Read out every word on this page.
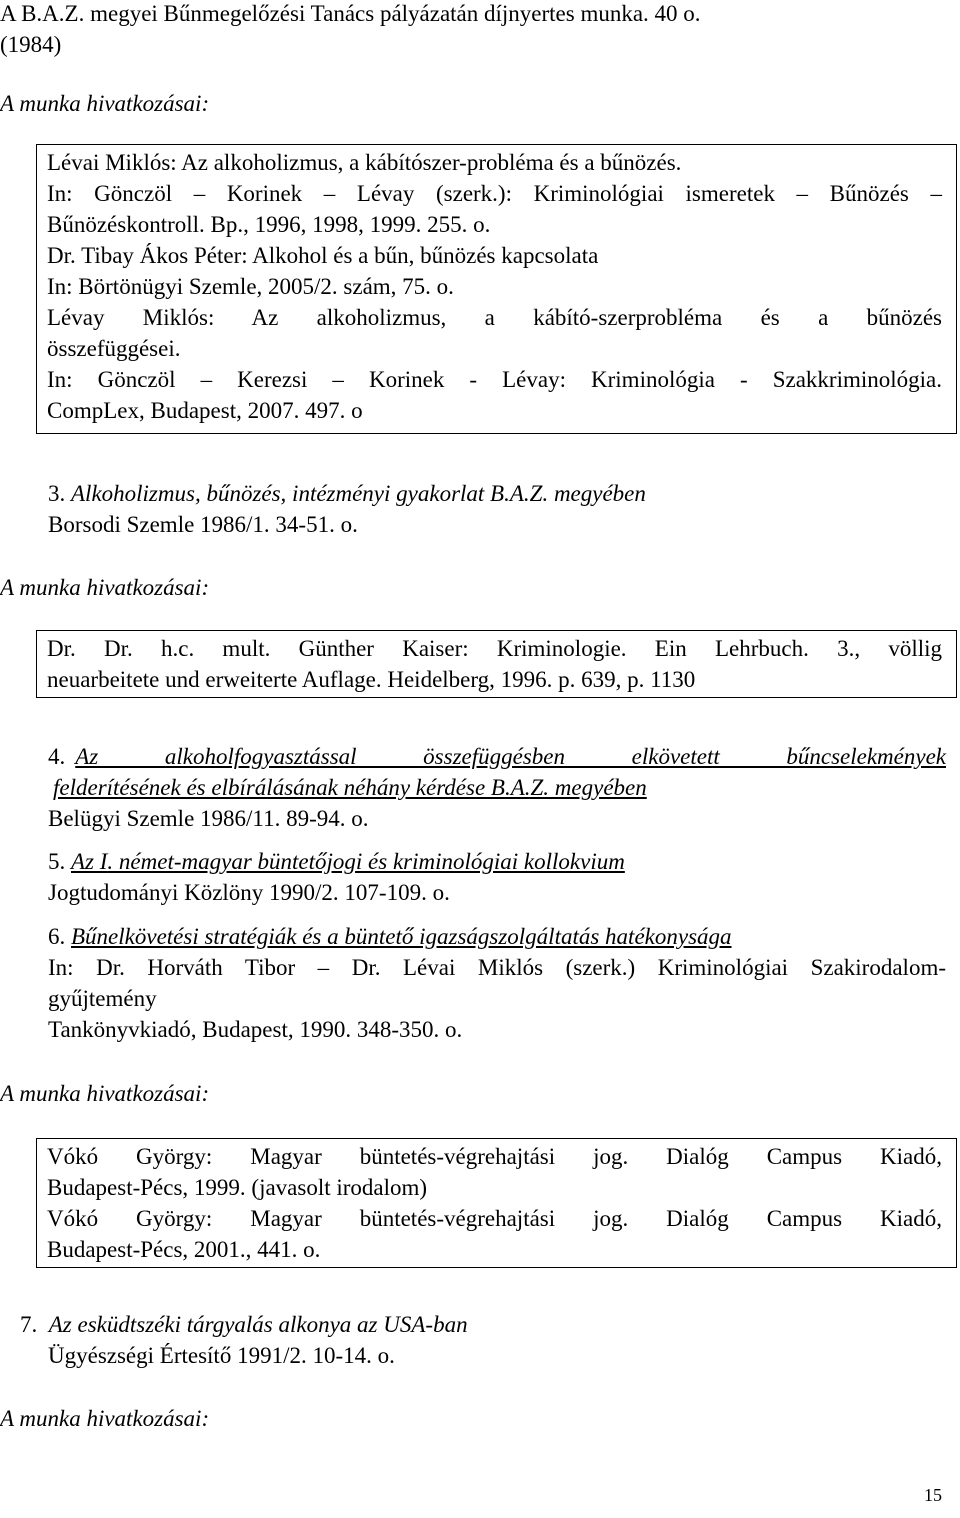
A B.A.Z. megyei Bűnmegelőzési Tanács pályázatán díjnyertes munka. 40 o.
(1984)
A munka hivatkozásai:
Lévai Miklós: Az alkoholizmus, a kábítószer-probléma és a bűnözés.
In: Gönczöl – Korinek – Lévay (szerk.): Kriminológiai ismeretek – Bűnözés –
Bűnözéskontroll. Bp., 1996, 1998, 1999. 255. o.
Dr. Tibay Ákos Péter: Alkohol és a bűn, bűnözés kapcsolata
In: Börtönügyi Szemle, 2005/2. szám, 75. o.
Lévay Miklós: Az alkoholizmus, a kábító-szerprobléma és a bűnözés
összefüggései.
In: Gönczöl – Kerezsi – Korinek - Lévay: Kriminológia - Szakkriminológia.
CompLex, Budapest, 2007. 497. o
3. Alkoholizmus, bűnözés, intézményi gyakorlat B.A.Z. megyében
Borsodi Szemle 1986/1. 34-51. o.
A munka hivatkozásai:
Dr. Dr. h.c. mult. Günther Kaiser: Kriminologie. Ein Lehrbuch. 3., völlig
neuarbeitete und erweiterte Auflage. Heidelberg, 1996. p. 639, p. 1130
4. Az alkoholfogyasztással összefüggésben elkövetett bűncselekmények
felderítésének és elbírálásának néhány kérdése B.A.Z. megyében
Belügyi Szemle 1986/11. 89-94. o.
5. Az I. német-magyar büntetőjogi és kriminológiai kollokvium
Jogtudományi Közlöny 1990/2. 107-109. o.
6. Bűnelkövetési stratégiák és a büntető igazságszolgáltatás hatékonysága
In: Dr. Horváth Tibor – Dr. Lévai Miklós (szerk.) Kriminológiai Szakirodalom-
gyűjtemény
Tankönyvkiadó, Budapest, 1990. 348-350. o.
A munka hivatkozásai:
Vókó György: Magyar büntetés-végrehajtási jog. Dialóg Campus Kiadó,
Budapest-Pécs, 1999. (javasolt irodalom)
Vókó György: Magyar büntetés-végrehajtási jog. Dialóg Campus Kiadó,
Budapest-Pécs, 2001., 441. o.
7. Az esküdtszéki tárgyalás alkonya az USA-ban
Ügyészségi Értesítő 1991/2. 10-14. o.
A munka hivatkozásai:
15
